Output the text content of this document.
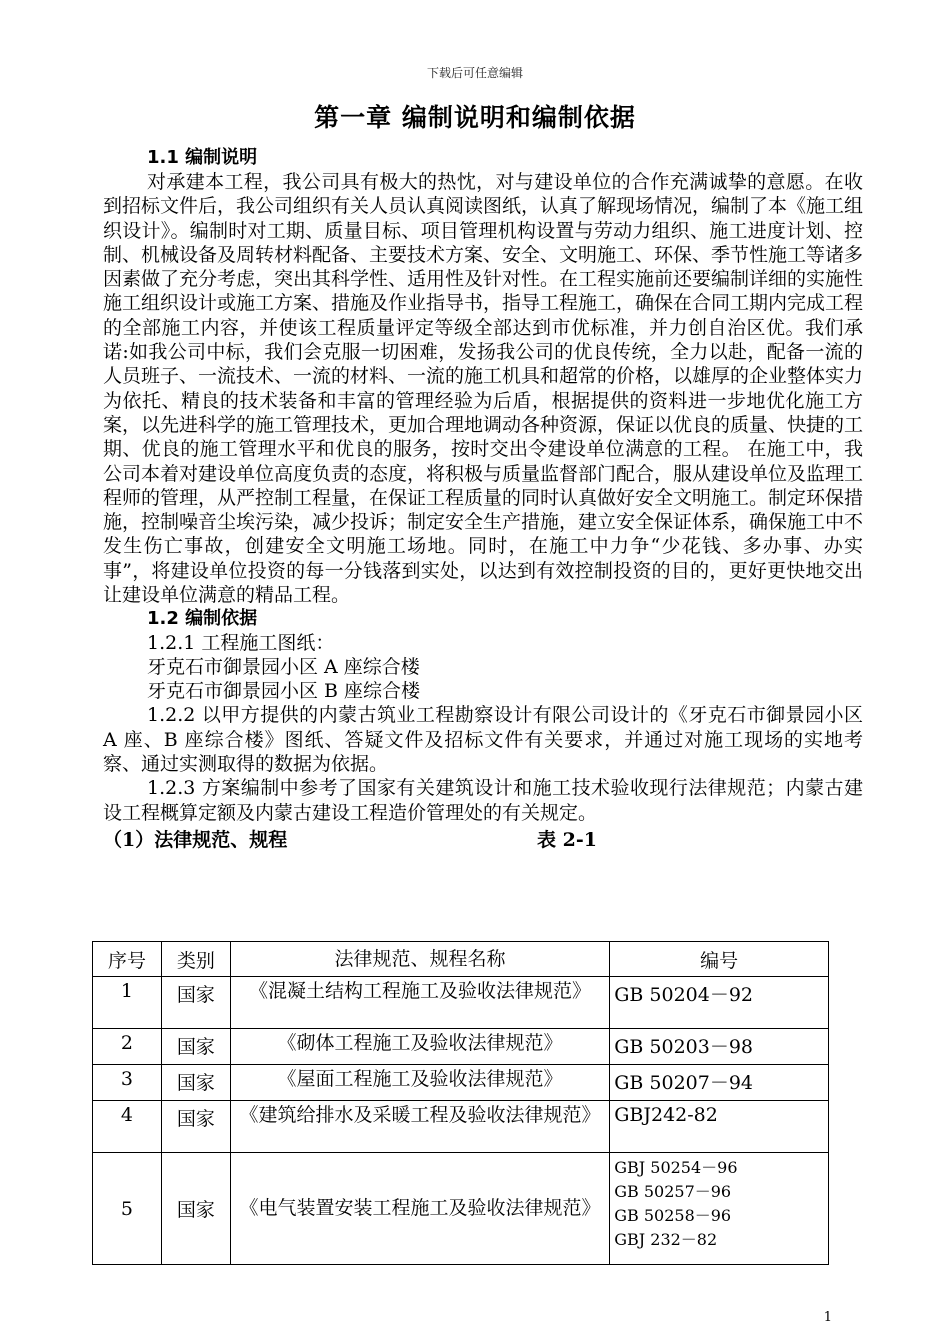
下载后可任意编辑
第一章 编制说明和编制依据
1.1 编制说明

对承建本工程，我公司具有极大的热忱，对与建设单位的合作充满诚挚的意愿。在收到招标文件后，我公司组织有关人员认真阅读图纸，认真了解现场情况，编制了本《施工组织设计》。编制时对工期、质量目标、项目管理机构设置与劳动力组织、施工进度计划、控制、机械设备及周转材料配备、主要技术方案、安全、文明施工、环保、季节性施工等诸多因素做了充分考虑，突出其科学性、适用性及针对性。在工程实施前还要编制详细的实施性施工组织设计或施工方案、措施及作业指导书，指导工程施工，确保在合同工期内完成工程的全部施工内容，并使该工程质量评定等级全部达到市优标准，并力创自治区优。我们承诺:如我公司中标，我们会克服一切困难，发扬我公司的优良传统，全力以赴，配备一流的人员班子、一流技术、一流的材料、一流的施工机具和超常的价格，以雄厚的企业整体实力为依托、精良的技术装备和丰富的管理经验为后盾，根据提供的资料进一步地优化施工方案，以先进科学的施工管理技术，更加合理地调动各种资源，保证以优良的质量、快捷的工期、优良的施工管理水平和优良的服务，按时交出令建设单位满意的工程。 在施工中，我公司本着对建设单位高度负责的态度，将积极与质量监督部门配合，服从建设单位及监理工程师的管理，从严控制工程量，在保证工程质量的同时认真做好安全文明施工。制定环保措施，控制噪音尘埃污染，减少投诉；制定安全生产措施，建立安全保证体系，确保施工中不发生伤亡事故，创建安全文明施工场地。同时，在施工中力争“少花钱、多办事、办实事”，将建设单位投资的每一分钱落到实处，以达到有效控制投资的目的，更好更快地交出让建设单位满意的精品工程。

1.2 编制依据
1.2.1 工程施工图纸：
牙克石市御景园小区 A 座综合楼
牙克石市御景园小区 B 座综合楼

1.2.2 以甲方提供的内蒙古筑业工程勘察设计有限公司设计的《牙克石市御景园小区 A 座、B 座综合楼》图纸、答疑文件及招标文件有关要求，并通过对施工现场的实地考察、通过实测取得的数据为依据。

1.2.3 方案编制中参考了国家有关建筑设计和施工技术验收现行法律规范；内蒙古建设工程概算定额及内蒙古建设工程造价管理处的有关规定。

（1）法律规范、规程	表 2-1
序号	类别	法律规范、规程名称	编号
1	国家	《混凝土结构工程施工及验收法律规范》	GB 50204－92
2	国家	《砌体工程施工及验收法律规范》	GB 50203－98
3	国家	《屋面工程施工及验收法律规范》	GB 50207－94
4	国家	《建筑给排水及采暖工程及验收法律规范》	GBJ242-82
5	国家	《电气装置安装工程施工及验收法律规范》	GBJ 50254－96
GB 50257－96
GB 50258－96
GBJ 232－82
1
